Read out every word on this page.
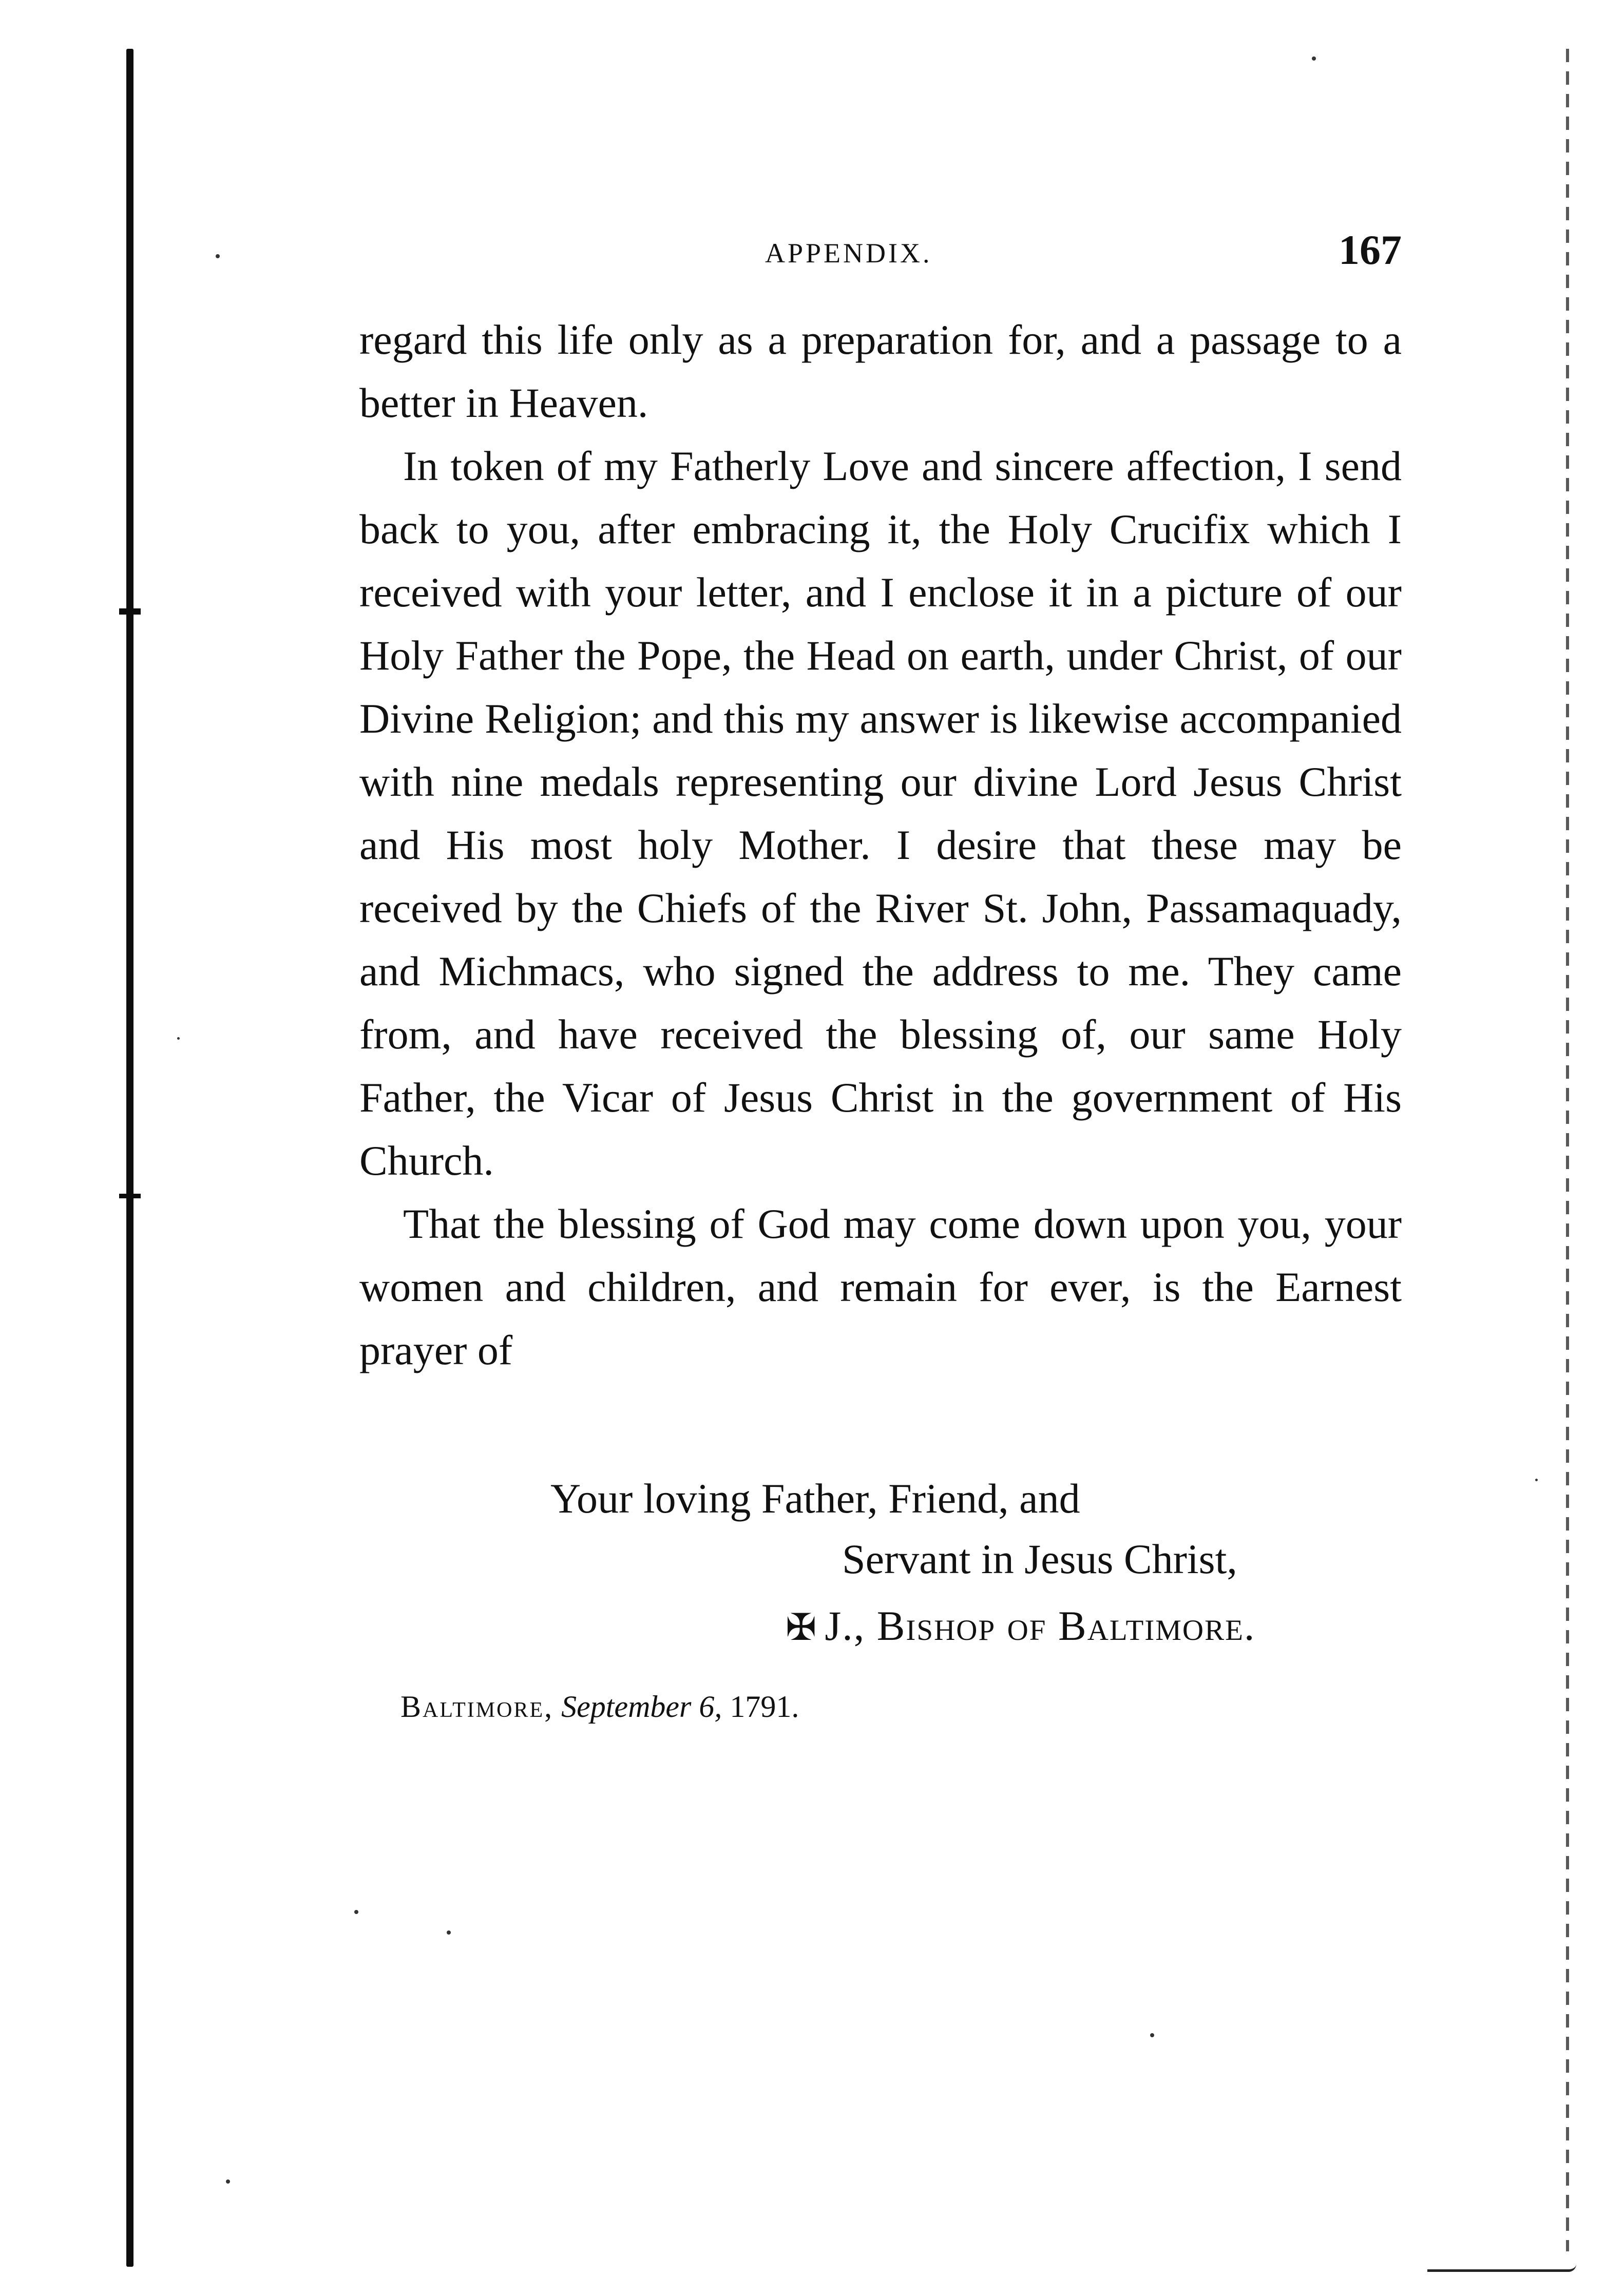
APPENDIX.	167

regard this life only as a preparation for, and a passage to a better in Heaven.

In token of my Fatherly Love and sincere affection, I send back to you, after embracing it, the Holy Crucifix which I received with your letter, and I enclose it in a picture of our Holy Father the Pope, the Head on earth, under Christ, of our Divine Religion; and this my answer is likewise accompanied with nine medals representing our divine Lord Jesus Christ and His most holy Mother. I desire that these may be received by the Chiefs of the River St. John, Passamaquady, and Michmacs, who signed the address to me. They came from, and have received the blessing of, our same Holy Father, the Vicar of Jesus Christ in the government of His Church.

That the blessing of God may come down upon you, your women and children, and remain for ever, is the Earnest prayer of

Your loving Father, Friend, and
Servant in Jesus Christ,
✠ J., Bishop of Baltimore.
Baltimore, September 6, 1791.
